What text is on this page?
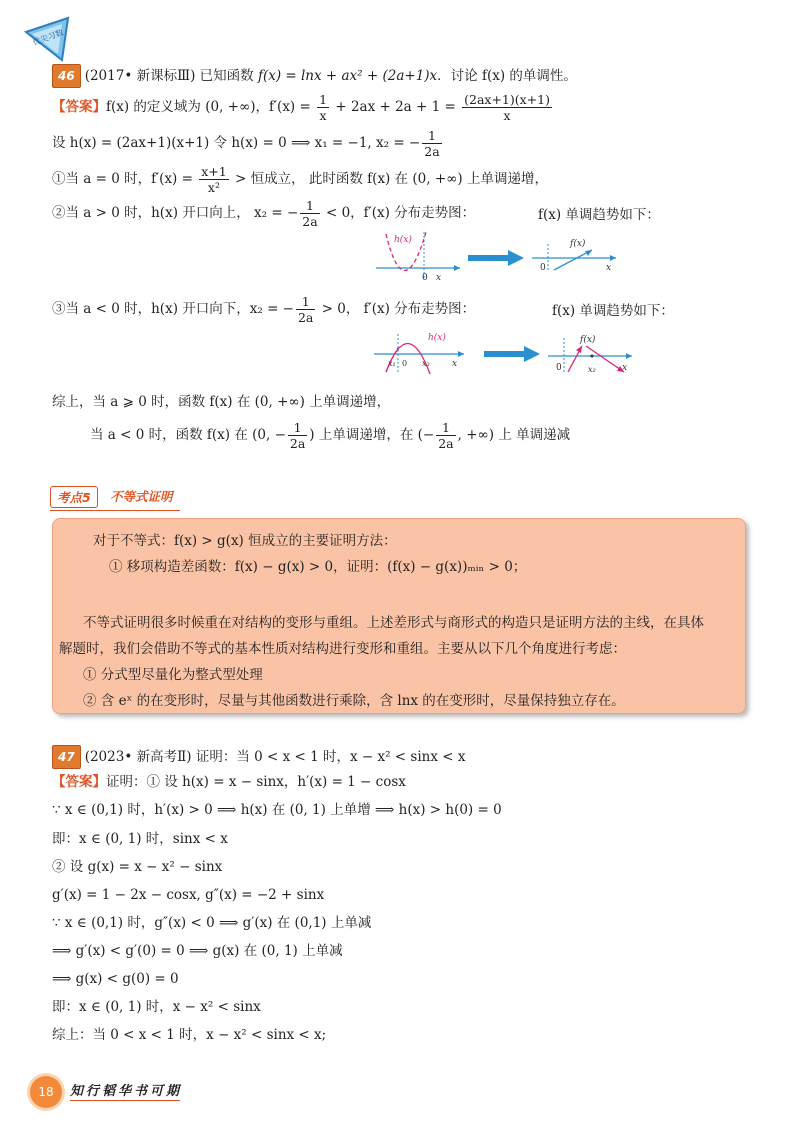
优尖习数
46 (2017• 新课标Ⅲ) 已知函数 f(x) = lnx + ax² + (2a+1)x．讨论 f(x) 的单调性。
【答案】f(x) 的定义域为 (0, +∞)，$f'(x) = \frac{1}{x} + 2ax + 2a + 1 = \frac{(2ax+1)(x+1)}{x}$
设 h(x) = (2ax+1)(x+1) 令 h(x) = 0 ⟹ x₁ = −1, x₂ = − $\frac{1}{2a}$
①当 a = 0 时，$f'(x) = \frac{x+1}{\text{x²}}$ > 恒成立， 此时函数 f(x) 在 (0, +∞) 上单调递增，
②当 a > 0 时，h(x) 开口向上， x₂ = − $\frac{1}{2a} < 0$，f′(x) 分布走势图：	f(x) 单调趋势如下：
h(x)
0 x
f(x)
0	x
③当 a < 0 时，h(x) 开口向下，x₂ = − $\frac{1}{2a} > 0$， f′(x) 分布走势图：	f(x) 单调趋势如下：
h(x)
x₁ 0 x₂ x
f(x)
0	x₂	x
综上，当 a ⩾ 0 时，函数 f(x) 在 (0, +∞) 上单调递增，
当 a < 0 时，函数 f(x) 在 (0, − $\frac{1}{2a}$ ) 上单调递增，在 (− $\frac{1}{2a}$ , +∞) 上 单调递减
考点5	不等式证明
对于不等式：f(x) > g(x) 恒成立的主要证明方法：
① 移项构造差函数：f(x) − g(x) > 0，证明：(f(x) − g(x))ₘᵢₙ > 0；
不等式证明很多时候重在对结构的变形与重组。上述差形式与商形式的构造只是证明方法的主线，在具体
解题时，我们会借助不等式的基本性质对结构进行变形和重组。主要从以下几个角度进行考虑：
① 分式型尽量化为整式型处理
② 含 eˣ 的在变形时，尽量与其他函数进行乘除，含 lnx 的在变形时，尽量保持独立存在。
47 (2023• 新高考Ⅱ) 证明：当 0 < x < 1 时，x − x² < sinx < x
【答案】证明：① 设 h(x) = x − sinx，h′(x) = 1 − cosx
∵ x ∈ (0,1) 时，h′(x) > 0 ⟹ h(x) 在 (0, 1) 上单增 ⟹ h(x) > h(0) = 0
即：x ∈ (0, 1) 时，sinx < x
② 设 g(x) = x − x² − sinx
g′(x) = 1 − 2x − cosx, g″(x) = −2 + sinx
∵ x ∈ (0,1) 时，g″(x) < 0 ⟹ g′(x) 在 (0,1) 上单减
⟹ g′(x) < g′(0) = 0 ⟹ g(x) 在 (0, 1) 上单减
⟹ g(x) < g(0) = 0
即：x ∈ (0, 1) 时，x − x² < sinx
综上：当 0 < x < 1 时，x − x² < sinx < x;
18	知行韬华书可期
